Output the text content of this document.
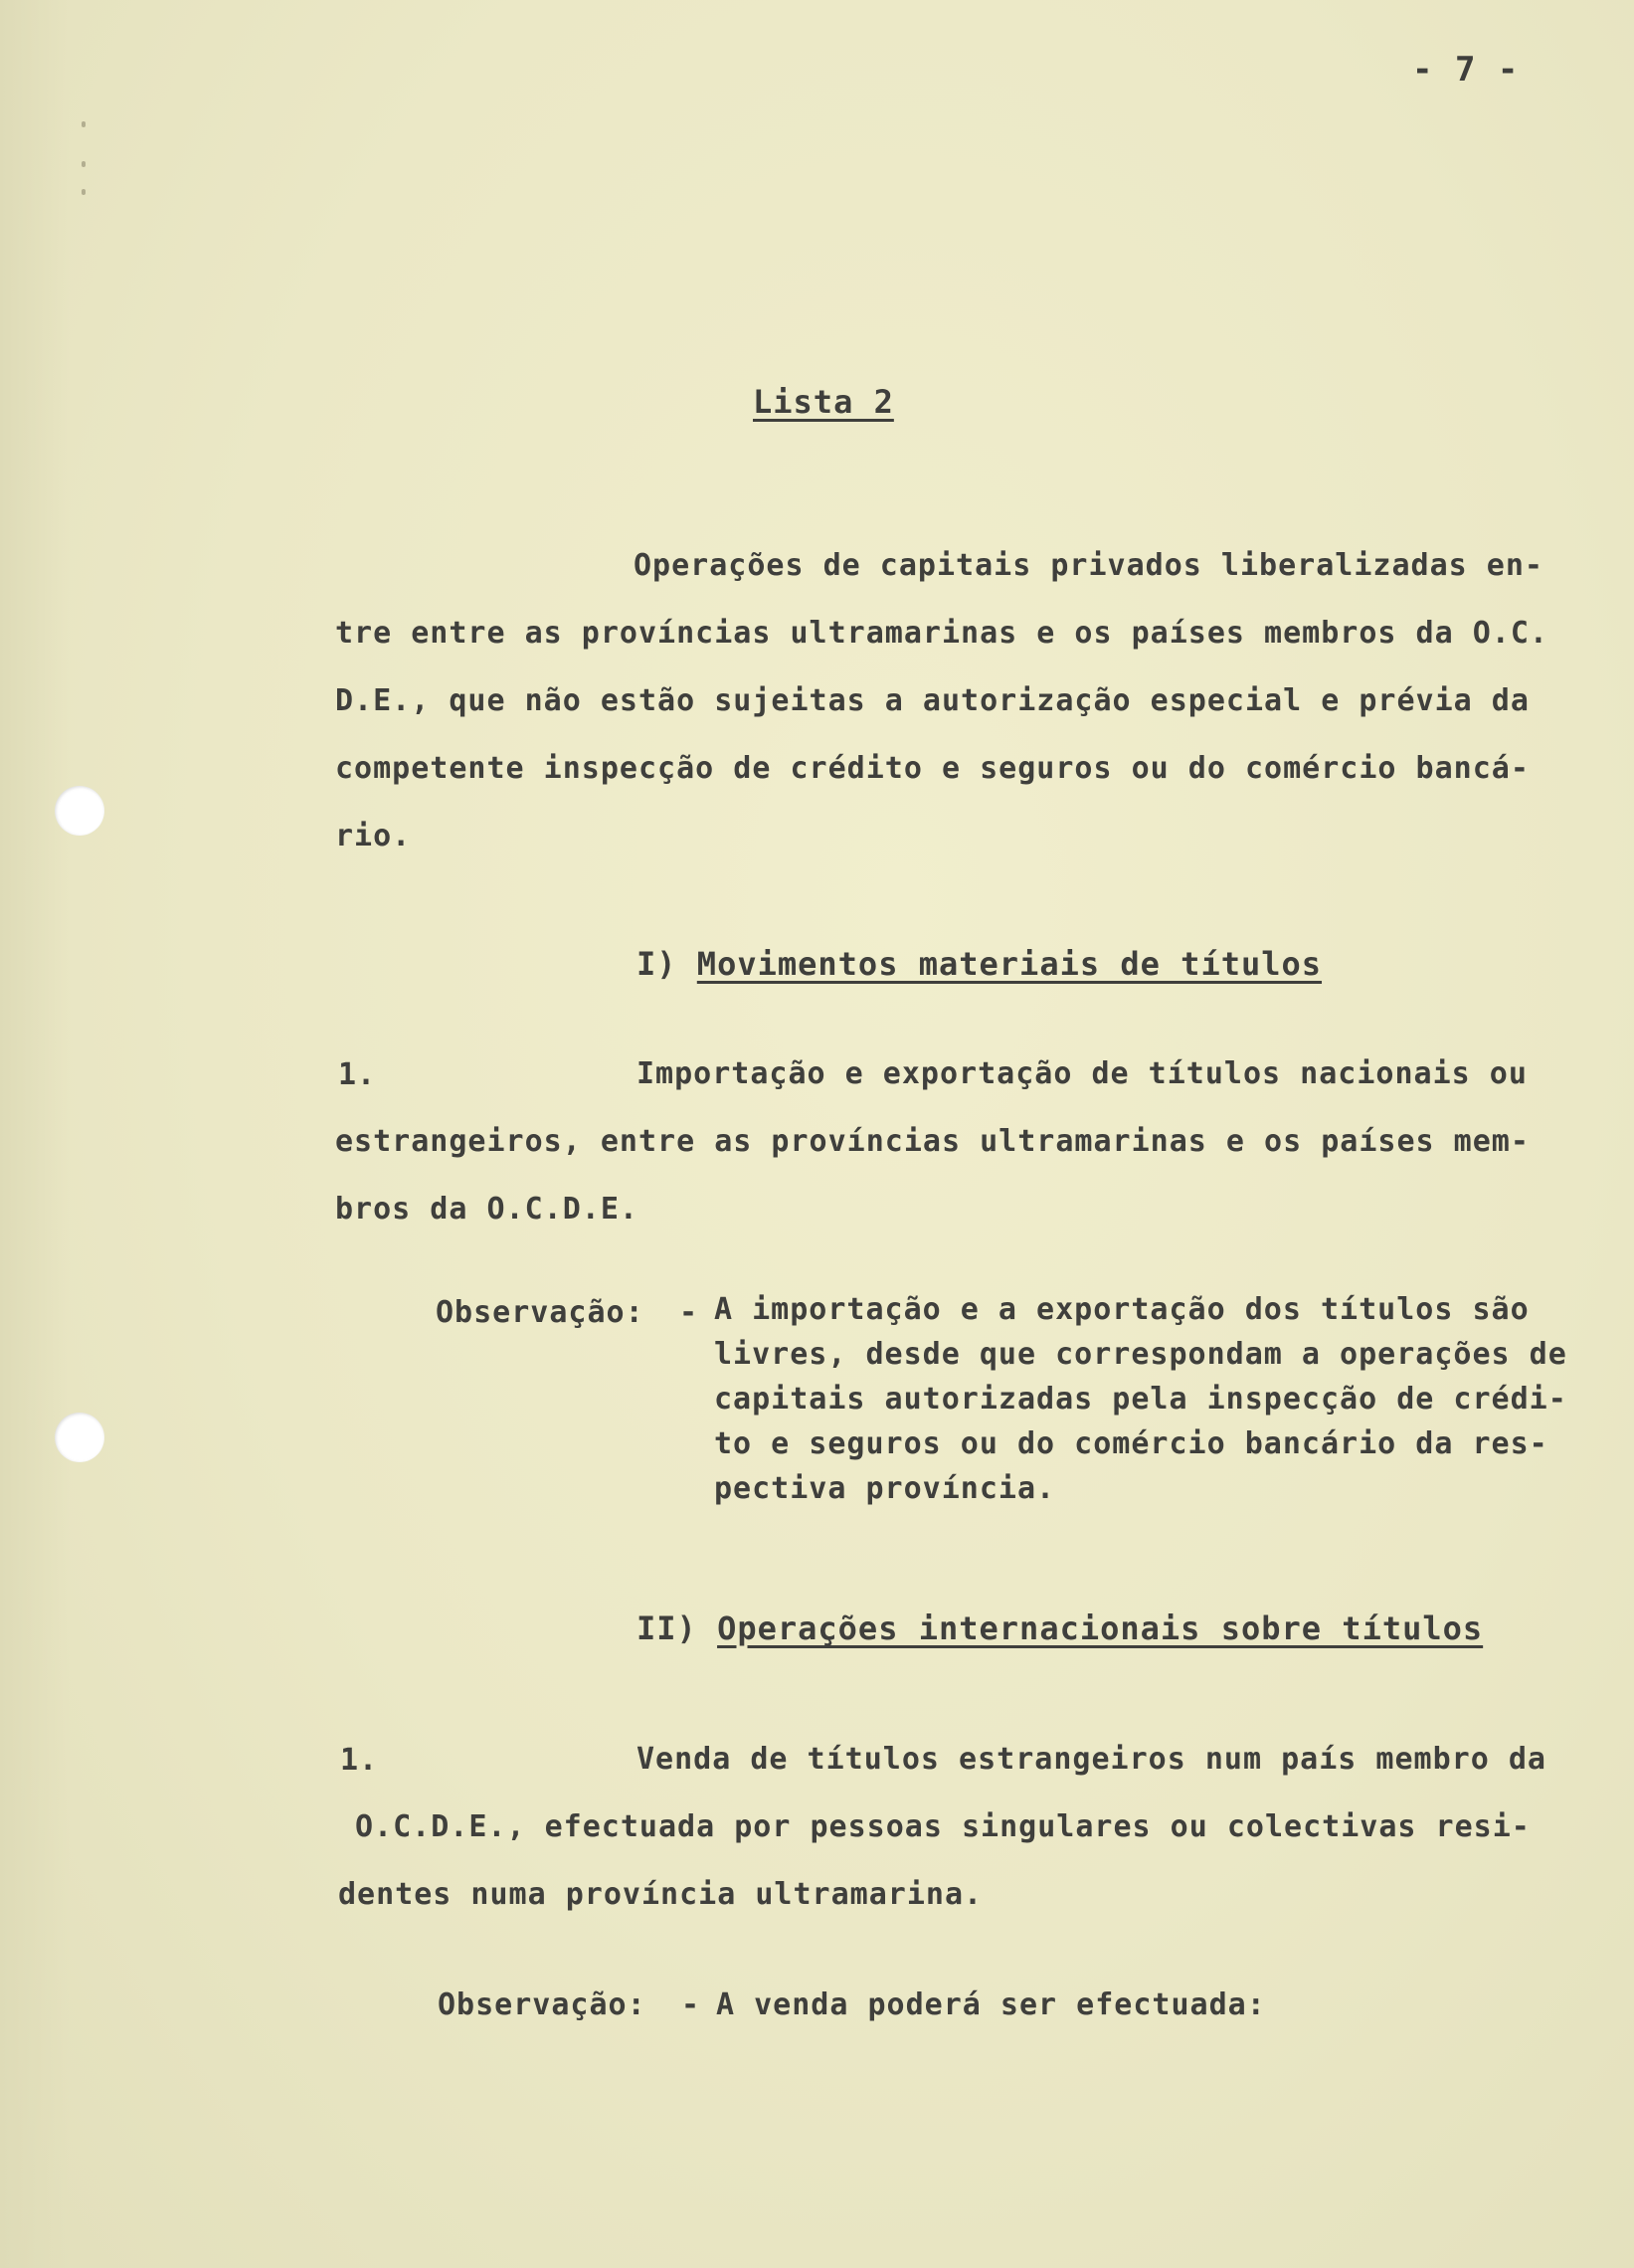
- 7 -
Lista 2
Operações de capitais privados liberalizadas en-
tre entre as províncias ultramarinas e os países membros da O.C.
D.E., que não estão sujeitas a autorização especial e prévia da
competente inspecção de crédito e seguros ou do comércio bancá-
rio.
I) Movimentos materiais de títulos
1.	Importação e exportação de títulos nacionais ou
estrangeiros, entre as províncias ultramarinas e os países mem-
bros da O.C.D.E.
Observação: - A importação e a exportação dos títulos são
livres, desde que correspondam a operações de
capitais autorizadas pela inspecção de crédi-
to e seguros ou do comércio bancário da res-
pectiva província.
II) Operações internacionais sobre títulos
1.	Venda de títulos estrangeiros num país membro da
O.C.D.E., efectuada por pessoas singulares ou colectivas resi-
dentes numa província ultramarina.
Observação: - A venda poderá ser efectuada:
